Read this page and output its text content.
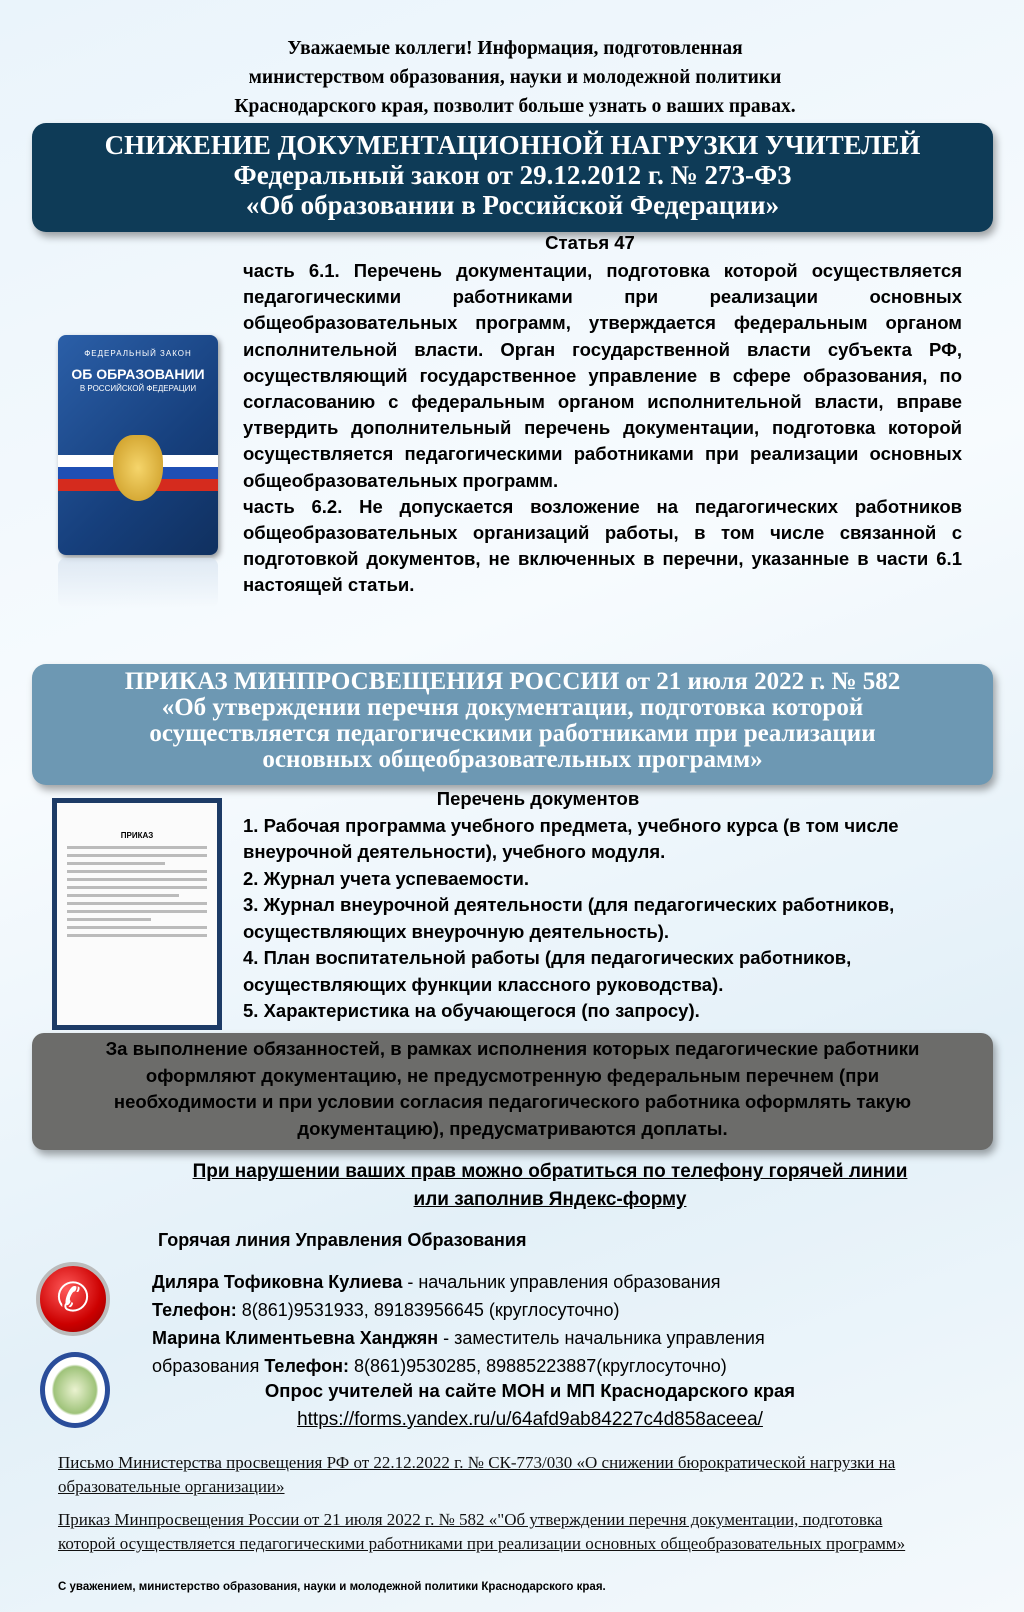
Уважаемые коллеги! Информация, подготовленная
министерством образования, науки и молодежной политики
Краснодарского края, позволит больше узнать о ваших правах.
СНИЖЕНИЕ ДОКУМЕНТАЦИОННОЙ НАГРУЗКИ УЧИТЕЛЕЙ
Федеральный закон от 29.12.2012 г. № 273-ФЗ
«Об образовании в Российской Федерации»
Статья 47
часть 6.1. Перечень документации, подготовка которой осуществляется педагогическими работниками при реализации основных общеобразовательных программ, утверждается федеральным органом исполнительной власти. Орган государственной власти субъекта РФ, осуществляющий государственное управление в сфере образования, по согласованию с федеральным органом исполнительной власти, вправе утвердить дополнительный перечень документации, подготовка которой осуществляется педагогическими работниками при реализации основных общеобразовательных программ.
часть 6.2. Не допускается возложение на педагогических работников общеобразовательных организаций работы, в том числе связанной с подготовкой документов, не включенных в перечни, указанные в части 6.1 настоящей статьи.
ФЕДЕРАЛЬНЫЙ ЗАКОН
ОБ ОБРАЗОВАНИИ
В РОССИЙСКОЙ ФЕДЕРАЦИИ
ПРИКАЗ МИНПРОСВЕЩЕНИЯ РОССИИ от 21 июля 2022 г. № 582
«Об утверждении перечня документации, подготовка которой
осуществляется педагогическими работниками при реализации
основных общеобразовательных программ»
ПРИКАЗ
Перечень документов
1. Рабочая программа учебного предмета, учебного курса (в том числе внеурочной деятельности), учебного модуля.
2. Журнал учета успеваемости.
3. Журнал внеурочной деятельности (для педагогических работников, осуществляющих внеурочную деятельность).
4. План воспитательной работы (для педагогических работников, осуществляющих функции классного руководства).
5. Характеристика на обучающегося (по запросу).
За выполнение обязанностей, в рамках исполнения которых педагогические работники оформляют документацию, не предусмотренную федеральным перечнем (при необходимости и при условии согласия педагогического работника оформлять такую документацию), предусматриваются доплаты.
При нарушении ваших прав можно обратиться по телефону горячей линии
или заполнив Яндекс-форму
Горячая линия Управления Образования
✆	Диляра Тофиковна Кулиева - начальник управления образования
Телефон: 8(861)9531933, 89183956645 (круглосуточно)
Марина Климентьевна Ханджян - заместитель начальника управления
образования Телефон: 8(861)9530285, 89885223887(круглосуточно)
Опрос учителей на сайте МОН и МП Краснодарского края
https://forms.yandex.ru/u/64afd9ab84227c4d858aceea/
Письмо Министерства просвещения РФ от 22.12.2022 г. № СК-773/030 «О снижении бюрократической нагрузки на образовательные организации»
Приказ Минпросвещения России от 21 июля 2022 г. № 582 «"Об утверждении перечня документации, подготовка которой осуществляется педагогическими работниками при реализации основных общеобразовательных программ»
С уважением, министерство образования, науки и молодежной политики Краснодарского края.
